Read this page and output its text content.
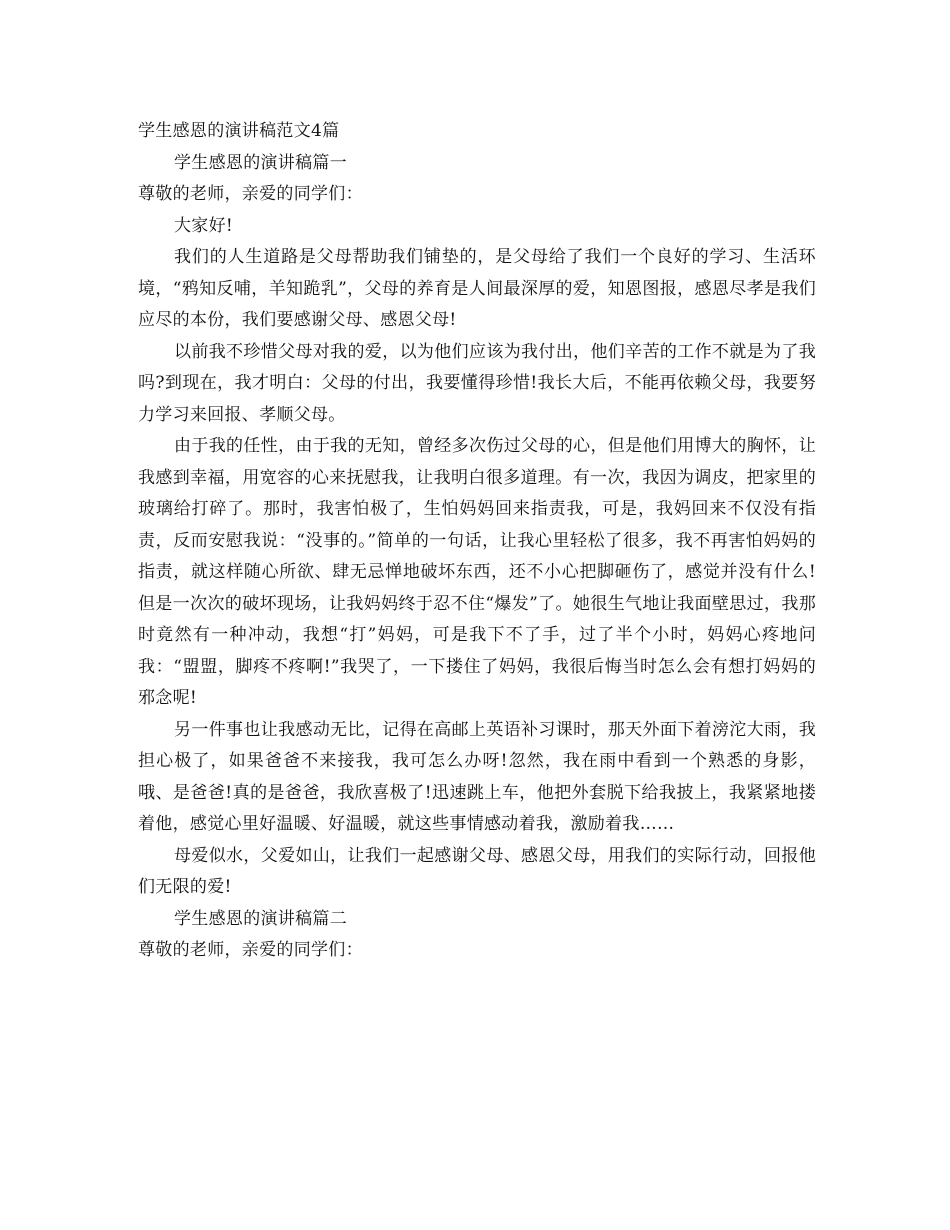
学生感恩的演讲稿范文4篇

学生感恩的演讲稿篇一

尊敬的老师，亲爱的同学们：

大家好!

我们的人生道路是父母帮助我们铺垫的，是父母给了我们一个良好的学习、生活环境，“鸦知反哺，羊知跪乳”，父母的养育是人间最深厚的爱，知恩图报，感恩尽孝是我们应尽的本份，我们要感谢父母、感恩父母!

以前我不珍惜父母对我的爱，以为他们应该为我付出，他们辛苦的工作不就是为了我吗?到现在，我才明白：父母的付出，我要懂得珍惜!我长大后，不能再依赖父母，我要努力学习来回报、孝顺父母。

由于我的任性，由于我的无知，曾经多次伤过父母的心，但是他们用博大的胸怀，让我感到幸福，用宽容的心来抚慰我，让我明白很多道理。有一次，我因为调皮，把家里的玻璃给打碎了。那时，我害怕极了，生怕妈妈回来指责我，可是，我妈回来不仅没有指责，反而安慰我说：“没事的。”简单的一句话，让我心里轻松了很多，我不再害怕妈妈的指责，就这样随心所欲、肆无忌惮地破坏东西，还不小心把脚砸伤了，感觉并没有什么!但是一次次的破坏现场，让我妈妈终于忍不住“爆发”了。她很生气地让我面壁思过，我那时竟然有一种冲动，我想“打”妈妈，可是我下不了手，过了半个小时，妈妈心疼地问我：“盟盟，脚疼不疼啊!”我哭了，一下搂住了妈妈，我很后悔当时怎么会有想打妈妈的邪念呢!

另一件事也让我感动无比，记得在高邮上英语补习课时，那天外面下着滂沱大雨，我担心极了，如果爸爸不来接我，我可怎么办呀!忽然，我在雨中看到一个熟悉的身影，哦、是爸爸!真的是爸爸，我欣喜极了!迅速跳上车，他把外套脱下给我披上，我紧紧地搂着他，感觉心里好温暖、好温暖，就这些事情感动着我，激励着我……

母爱似水，父爱如山，让我们一起感谢父母、感恩父母，用我们的实际行动，回报他们无限的爱!

学生感恩的演讲稿篇二

尊敬的老师，亲爱的同学们：
